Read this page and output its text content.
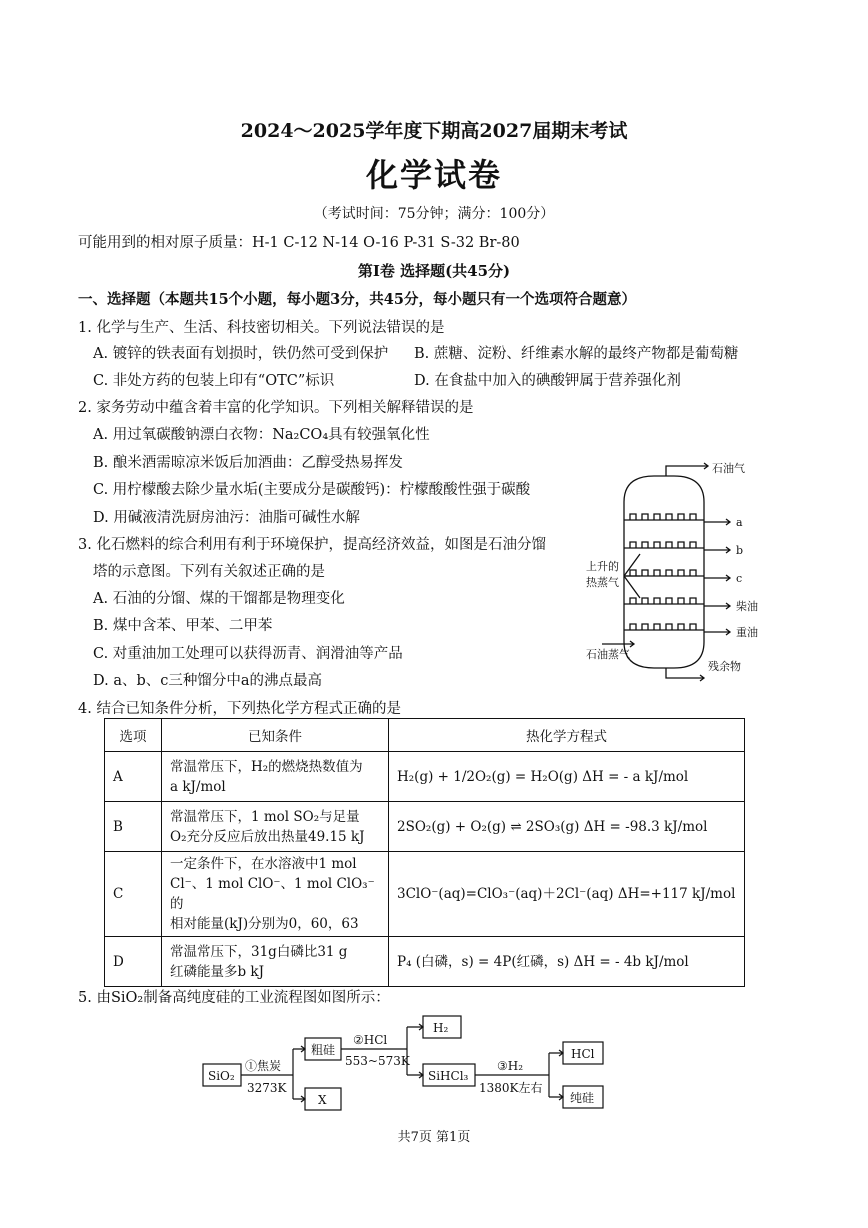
2024～2025学年度下期高2027届期末考试
化学试卷
（考试时间：75分钟；满分：100分）
可能用到的相对原子质量：H-1 C-12 N-14 O-16 P-31 S-32 Br-80
第Ⅰ卷 选择题(共45分)
一、选择题（本题共15个小题，每小题3分，共45分，每小题只有一个选项符合题意）
1. 化学与生产、生活、科技密切相关。下列说法错误的是
A. 镀锌的铁表面有划损时，铁仍然可受到保护 B. 蔗糖、淀粉、纤维素水解的最终产物都是葡萄糖
C. 非处方药的包装上印有“OTC”标识	D. 在食盐中加入的碘酸钾属于营养强化剂
2. 家务劳动中蕴含着丰富的化学知识。下列相关解释错误的是
A. 用过氧碳酸钠漂白衣物：Na₂CO₄具有较强氧化性
B. 酿米酒需晾凉米饭后加酒曲：乙醇受热易挥发
C. 用柠檬酸去除少量水垢(主要成分是碳酸钙)：柠檬酸酸性强于碳酸
D. 用碱液清洗厨房油污：油脂可碱性水解
3. 化石燃料的综合利用有利于环境保护，提高经济效益，如图是石油分馏
塔的示意图。下列有关叙述正确的是
A. 石油的分馏、煤的干馏都是物理变化
B. 煤中含苯、甲苯、二甲苯
C. 对重油加工处理可以获得沥青、润滑油等产品
D. a、b、c三种馏分中a的沸点最高
石油气
a
b
c
柴油
重油
上升的
热蒸气
石油蒸气
残余物
4. 结合已知条件分析，下列热化学方程式正确的是
选项	已知条件	热化学方程式
A	常温常压下，H₂的燃烧热数值为
a kJ/mol	H₂(g) + 1/2O₂(g) = H₂O(g) ΔH = - a kJ/mol
B	常温常压下，1 mol SO₂与足量
O₂充分反应后放出热量49.15 kJ	2SO₂(g) + O₂(g) ⇌ 2SO₃(g) ΔH = -98.3 kJ/mol
C	一定条件下，在水溶液中1 mol
Cl⁻、1 mol ClO⁻、1 mol ClO₃⁻的
相对能量(kJ)分别为0，60，63	3ClO⁻(aq)=ClO₃⁻(aq)＋2Cl⁻(aq) ΔH=+117 kJ/mol
D	常温常压下，31g白磷比31 g
红磷能量多b kJ	P₄ (白磷，s) = 4P(红磷，s) ΔH = - 4b kJ/mol
5. 由SiO₂制备高纯度硅的工业流程图如图所示：
SiO₂
①焦炭
3273K
粗硅
X
②HCl
553~573K
H₂
SiHCl₃
③H₂
1380K左右
HCl
纯硅
共7页 第1页
